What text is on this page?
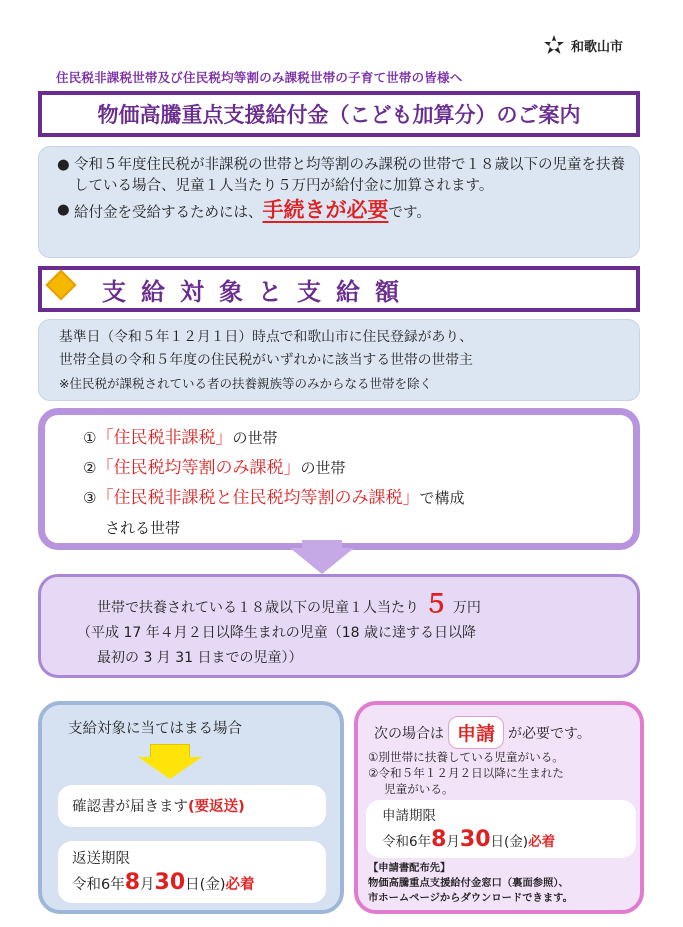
和歌山市
住民税非課税世帯及び住民税均等割のみ課税世帯の子育て世帯の皆様へ
物価高騰重点支援給付金（こども加算分）のご案内
● 令和５年度住民税が非課税の世帯と均等割のみ課税の世帯で１８歳以下の児童を扶養している場合、児童１人当たり５万円が給付金に加算されます。
● 給付金を受給するためには、手続きが必要です。
支給対象と支給額
基準日（令和５年１２月１日）時点で和歌山市に住民登録があり、
世帯全員の令和５年度の住民税がいずれかに該当する世帯の世帯主
※住民税が課税されている者の扶養親族等のみからなる世帯を除く
①「住民税非課税」の世帯
②「住民税均等割のみ課税」の世帯
③「住民税非課税と住民税均等割のみ課税」で構成
される世帯
世帯で扶養されている１８歳以下の児童１人当たり ５ 万円
（平成 17 年４月２日以降生まれの児童（18 歳に達する日以降
最初の 3 月 31 日までの児童））
支給対象に当てはまる場合
確認書が届きます(要返送)
返送期限
令和6年8月30日(金)必着
次の場合は 申請 が必要です。
①別世帯に扶養している児童がいる。
②令和５年１２月２日以降に生まれた
児童がいる。
申請期限
令和6年8月30日(金)必着
【申請書配布先】
物価高騰重点支援給付金窓口（裏面参照）、
市ホームページからダウンロードできます。
